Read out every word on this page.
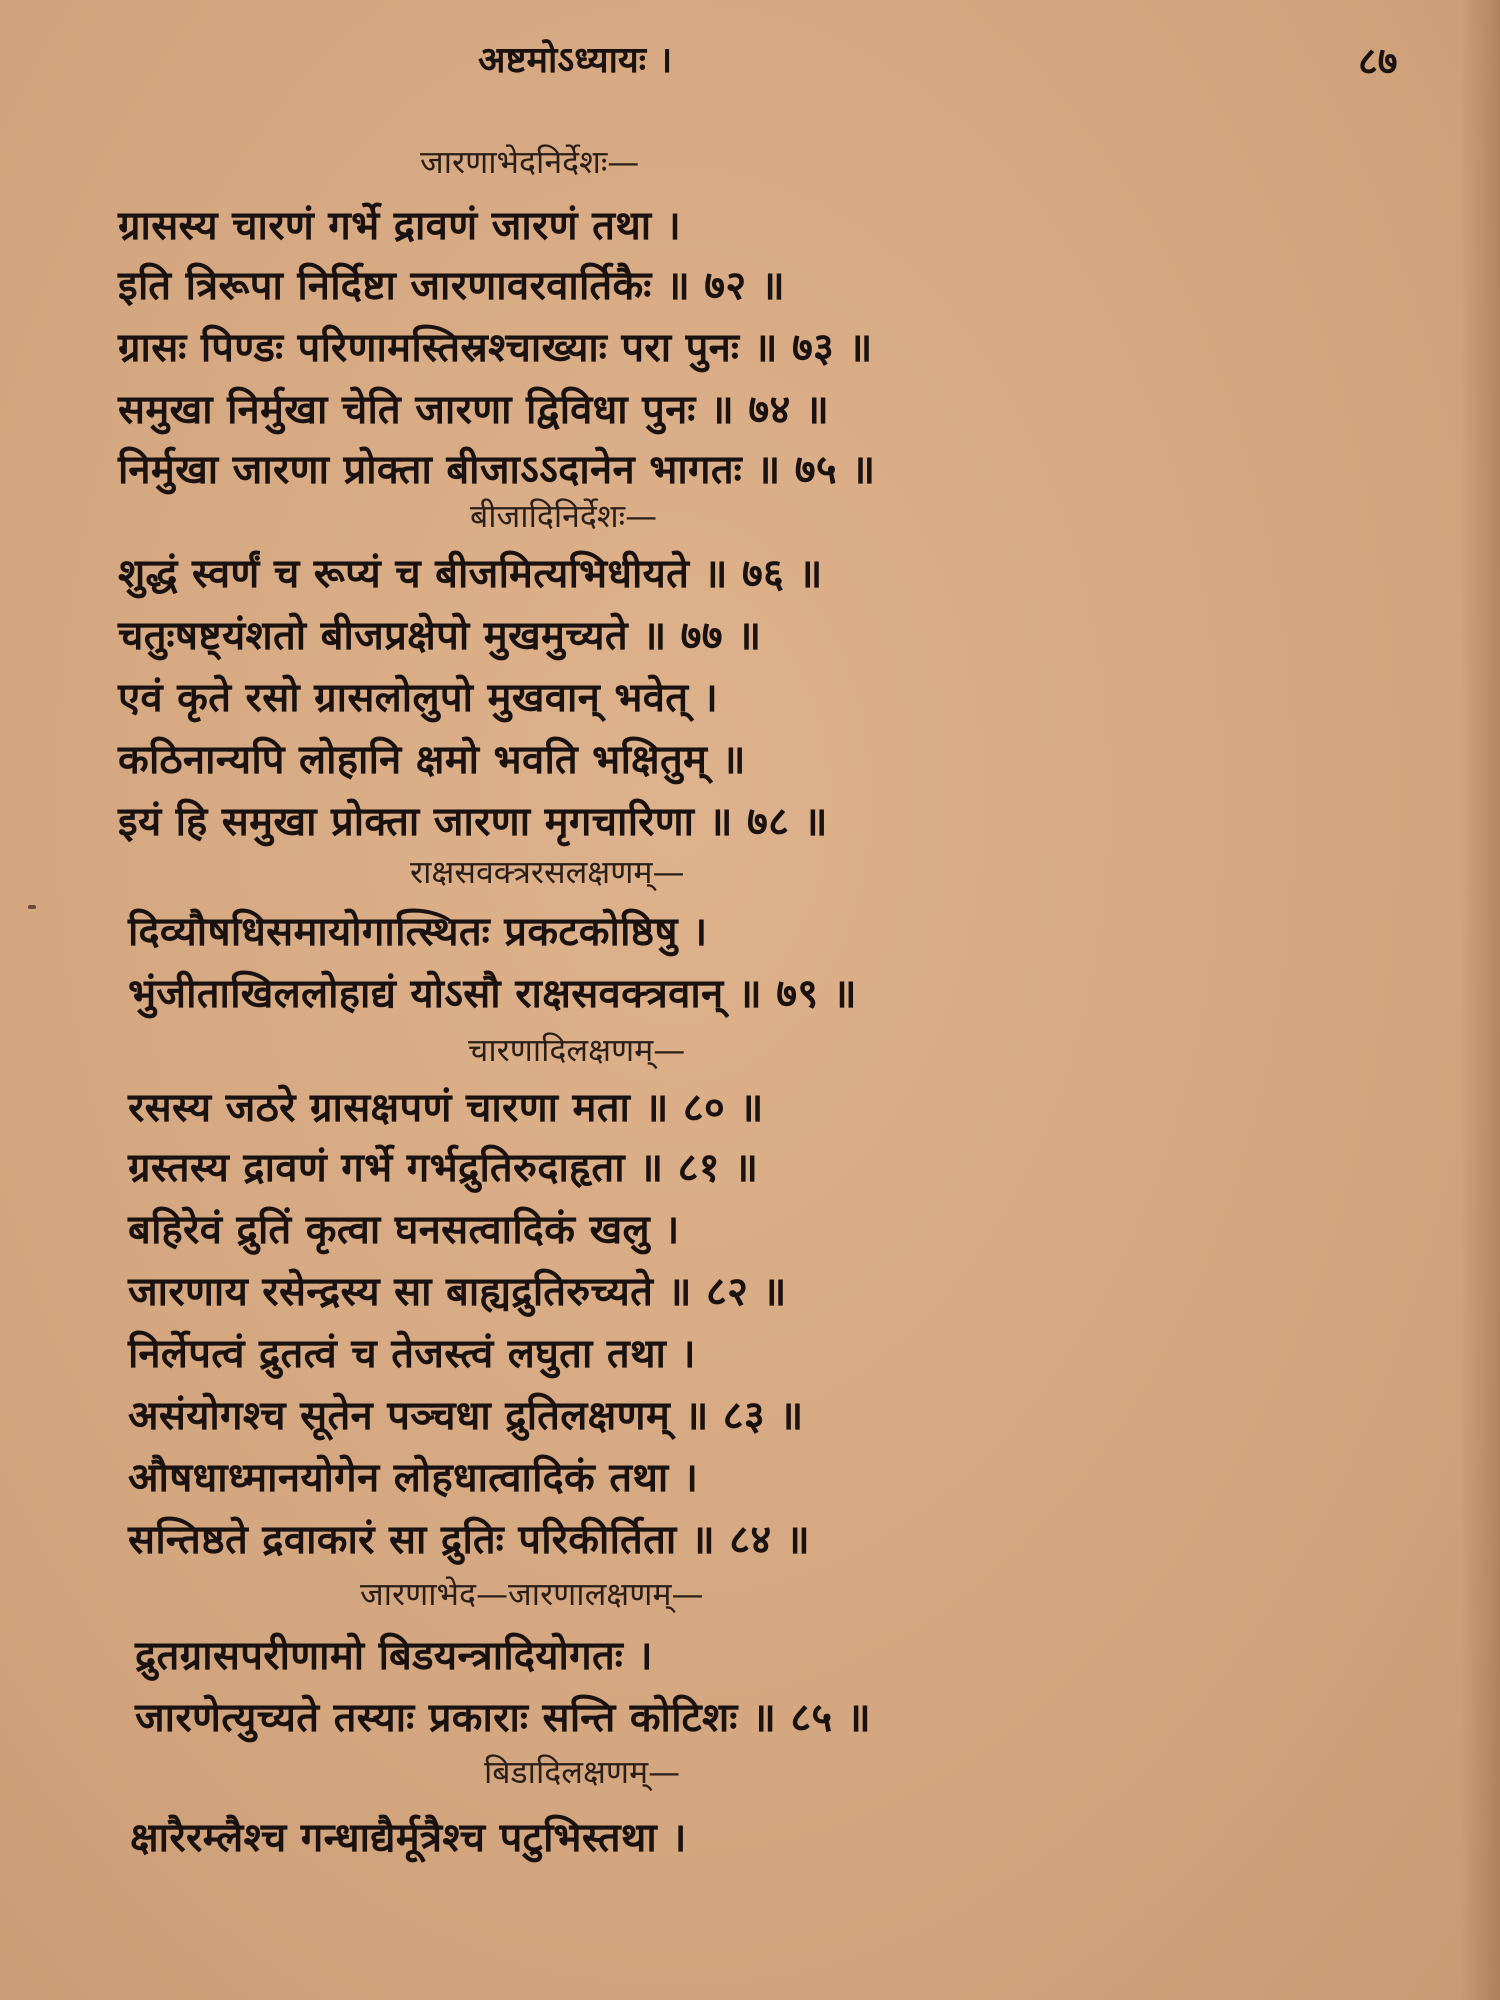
अष्टमोऽध्यायः ।	८७
जारणाभेदनिर्देशः—
ग्रासस्य चारणं गर्भे द्रावणं जारणं तथा ।
इति त्रिरूपा निर्दिष्टा जारणावरवार्तिकैः ॥ ७२ ॥
ग्रासः पिण्डः परिणामस्तिस्रश्चाख्याः परा पुनः ॥ ७३ ॥
समुखा निर्मुखा चेति जारणा द्विविधा पुनः ॥ ७४ ॥
निर्मुखा जारणा प्रोक्ता बीजाऽऽदानेन भागतः ॥ ७५ ॥
बीजादिनिर्देशः—
शुद्धं स्वर्णं च रूप्यं च बीजमित्यभिधीयते ॥ ७६ ॥
चतुःषष्ट्यंशतो बीजप्रक्षेपो मुखमुच्यते ॥ ७७ ॥
एवं कृते रसो ग्रासलोलुपो मुखवान् भवेत् ।
कठिनान्यपि लोहानि क्षमो भवति भक्षितुम् ॥
इयं हि समुखा प्रोक्ता जारणा मृगचारिणा ॥ ७८ ॥
राक्षसवक्त्ररसलक्षणम्—
दिव्यौषधिसमायोगात्स्थितः प्रकटकोष्ठिषु ।
भुंजीताखिललोहाद्यं योऽसौ राक्षसवक्त्रवान् ॥ ७९ ॥
चारणादिलक्षणम्—
रसस्य जठरे ग्रासक्षपणं चारणा मता ॥ ८० ॥
ग्रस्तस्य द्रावणं गर्भे गर्भद्रुतिरुदाहृता ॥ ८१ ॥
बहिरेवं द्रुतिं कृत्वा घनसत्वादिकं खलु ।
जारणाय रसेन्द्रस्य सा बाह्यद्रुतिरुच्यते ॥ ८२ ॥
निर्लेपत्वं द्रुतत्वं च तेजस्त्वं लघुता तथा ।
असंयोगश्च सूतेन पञ्चधा द्रुतिलक्षणम् ॥ ८३ ॥
औषधाध्मानयोगेन लोहधात्वादिकं तथा ।
सन्तिष्ठते द्रवाकारं सा द्रुतिः परिकीर्तिता ॥ ८४ ॥
जारणाभेद—जारणालक्षणम्—
द्रुतग्रासपरीणामो बिडयन्त्रादियोगतः ।
जारणेत्युच्यते तस्याः प्रकाराः सन्ति कोटिशः ॥ ८५ ॥
बिडादिलक्षणम्—
क्षारैरम्लैश्च गन्धाद्यैर्मूत्रैश्च पटुभिस्तथा ।
